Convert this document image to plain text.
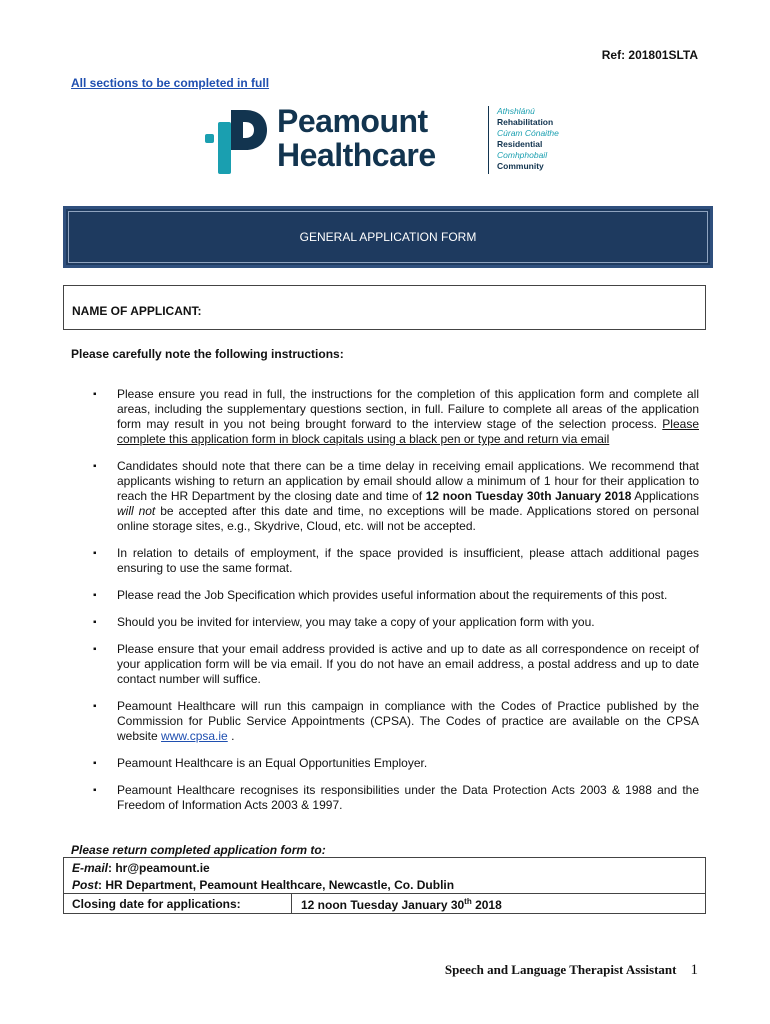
Ref: 201801SLTA
All sections to be completed in full
Peamount
Healthcare
Athshlánú
Rehabilitation
Cúram Cónaithe
Residential
Comhphobail
Community
GENERAL APPLICATION FORM
NAME OF APPLICANT:
Please carefully note the following instructions:
▪ Please ensure you read in full, the instructions for the completion of this application form and complete all areas, including the supplementary questions section, in full. Failure to complete all areas of the application form may result in you not being brought forward to the interview stage of the selection process. Please complete this application form in block capitals using a black pen or type and return via email
▪ Candidates should note that there can be a time delay in receiving email applications. We recommend that applicants wishing to return an application by email should allow a minimum of 1 hour for their application to reach the HR Department by the closing date and time of 12 noon Tuesday 30th January 2018 Applications will not be accepted after this date and time, no exceptions will be made. Applications stored on personal online storage sites, e.g., Skydrive, Cloud, etc. will not be accepted.
▪ In relation to details of employment, if the space provided is insufficient, please attach additional pages ensuring to use the same format.
▪ Please read the Job Specification which provides useful information about the requirements of this post.
▪ Should you be invited for interview, you may take a copy of your application form with you.
▪ Please ensure that your email address provided is active and up to date as all correspondence on receipt of your application form will be via email. If you do not have an email address, a postal address and up to date contact number will suffice.
▪ Peamount Healthcare will run this campaign in compliance with the Codes of Practice published by the Commission for Public Service Appointments (CPSA). The Codes of practice are available on the CPSA website www.cpsa.ie .
▪ Peamount Healthcare is an Equal Opportunities Employer.
▪ Peamount Healthcare recognises its responsibilities under the Data Protection Acts 2003 & 1988 and the Freedom of Information Acts 2003 & 1997.
Please return completed application form to:
E-mail: hr@peamount.ie
Post: HR Department, Peamount Healthcare, Newcastle, Co. Dublin
Closing date for applications:	12 noon Tuesday January 30th 2018
Speech and Language Therapist Assistant 1
